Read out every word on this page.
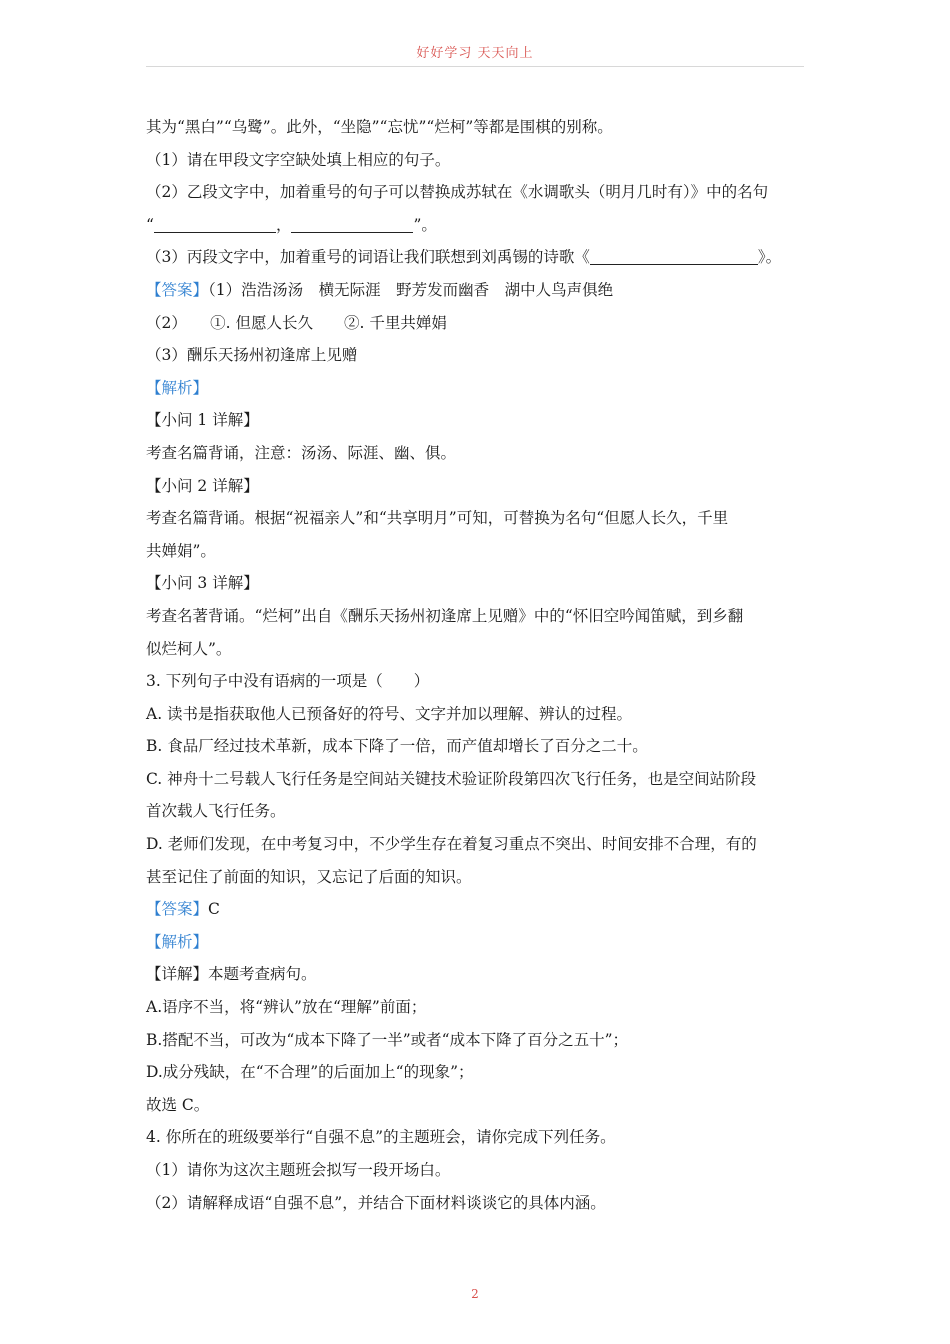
好好学习 天天向上
其为“黑白”“乌鹭”。此外，“坐隐”“忘忧”“烂柯”等都是围棋的别称。
（1）请在甲段文字空缺处填上相应的句子。
（2）乙段文字中，加着重号的句子可以替换成苏轼在《水调歌头（明月几时有）》中的名句
“	，	”。
（3）丙段文字中，加着重号的词语让我们联想到刘禹锡的诗歌《	》。
【答案】（1）浩浩汤汤　横无际涯　野芳发而幽香　湖中人鸟声俱绝
（2）　　①. 但愿人长久　　②. 千里共婵娟
（3）酬乐天扬州初逢席上见赠
【解析】
【小问 1 详解】
考查名篇背诵，注意：汤汤、际涯、幽、俱。
【小问 2 详解】
考查名篇背诵。根据“祝福亲人”和“共享明月”可知，可替换为名句“但愿人长久，千里
共婵娟”。
【小问 3 详解】
考查名著背诵。“烂柯”出自《酬乐天扬州初逢席上见赠》中的“怀旧空吟闻笛赋，到乡翻
似烂柯人”。
3. 下列句子中没有语病的一项是（　　）
A. 读书是指获取他人已预备好的符号、文字并加以理解、辨认的过程。
B. 食品厂经过技术革新，成本下降了一倍，而产值却增长了百分之二十。
C. 神舟十二号载人飞行任务是空间站关键技术验证阶段第四次飞行任务，也是空间站阶段
首次载人飞行任务。
D. 老师们发现，在中考复习中，不少学生存在着复习重点不突出、时间安排不合理，有的
甚至记住了前面的知识，又忘记了后面的知识。
【答案】C
【解析】
【详解】本题考查病句。
A.语序不当，将“辨认”放在“理解”前面；
B.搭配不当，可改为“成本下降了一半”或者“成本下降了百分之五十”；
D.成分残缺，在“不合理”的后面加上“的现象”；
故选 C。
4. 你所在的班级要举行“自强不息”的主题班会，请你完成下列任务。
（1）请你为这次主题班会拟写一段开场白。
（2）请解释成语“自强不息”，并结合下面材料谈谈它的具体内涵。
2
